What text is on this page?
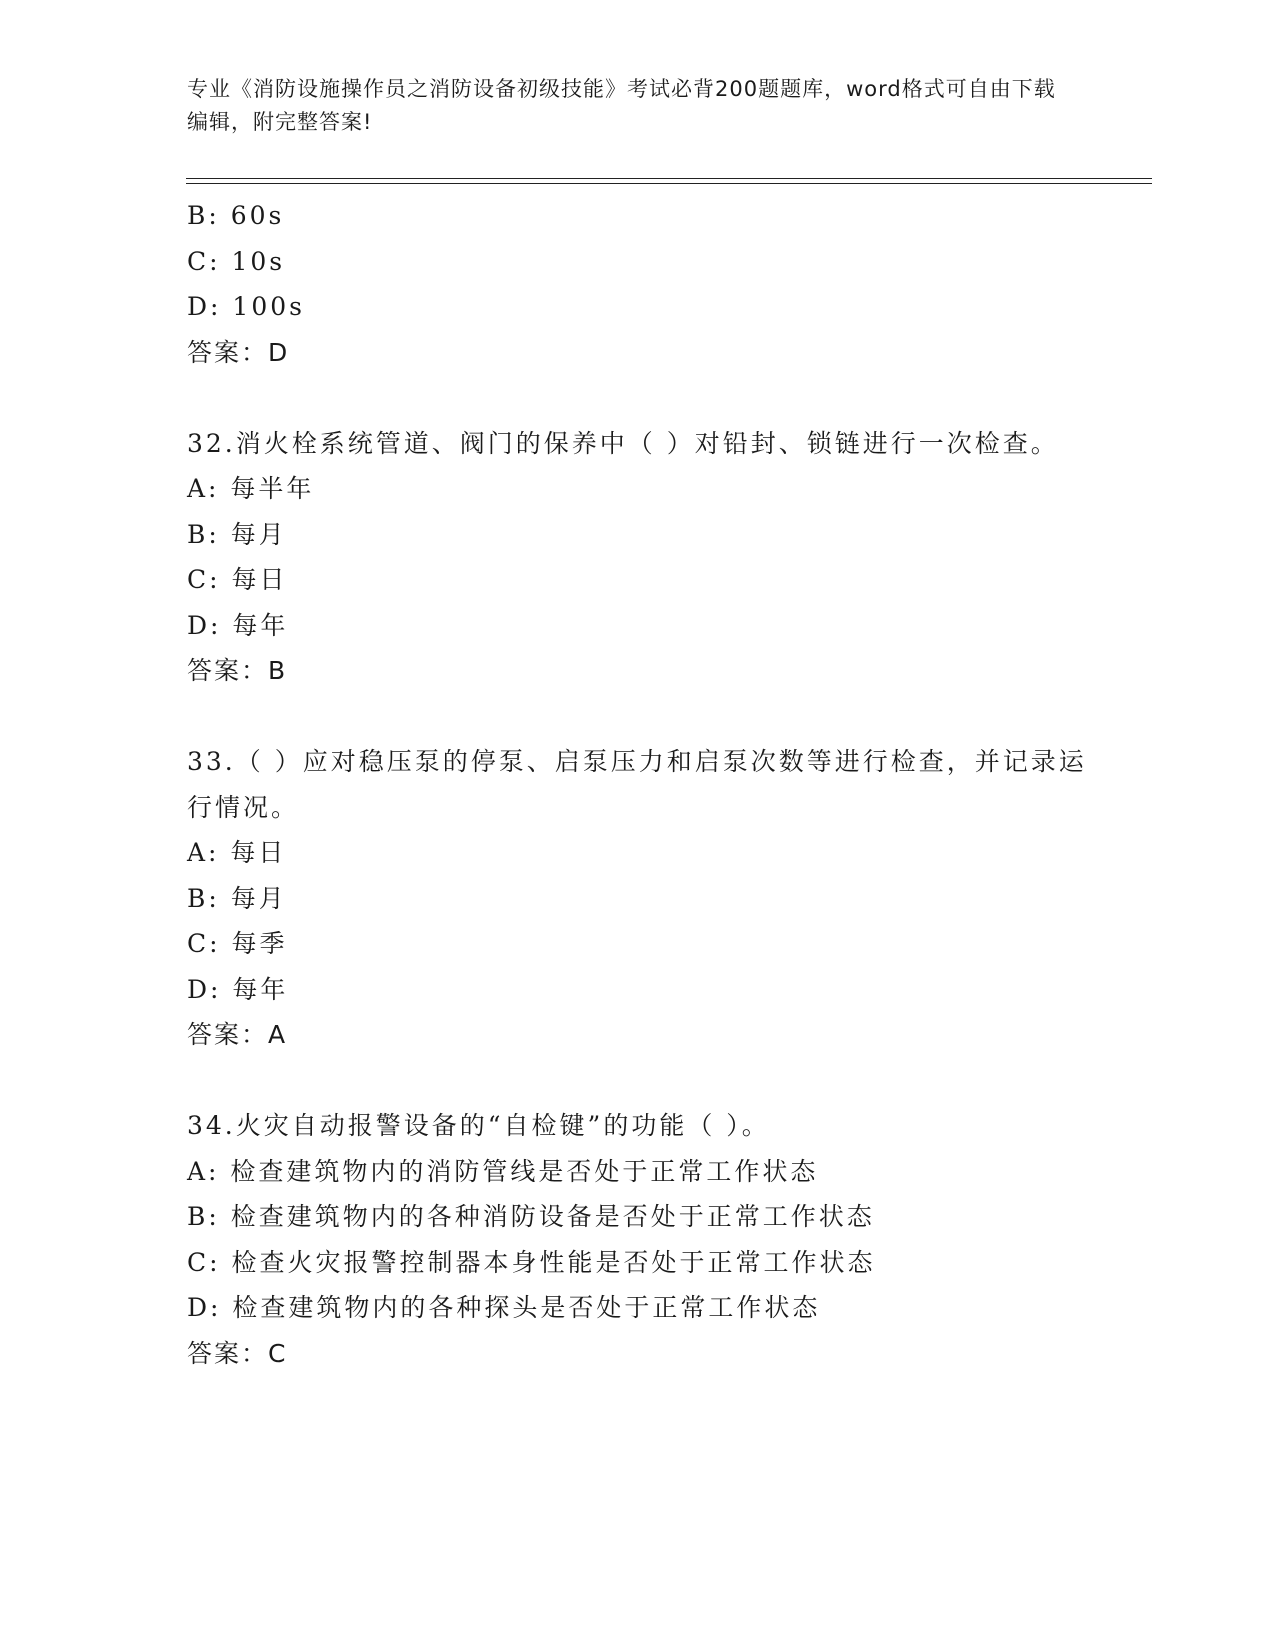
专业《消防设施操作员之消防设备初级技能》考试必背200题题库，word格式可自由下载编辑，附完整答案!
B: 60s
C: 10s
D: 100s
答案：D
32.消火栓系统管道、阀门的保养中（ ）对铅封、锁链进行一次检查。
A: 每半年
B: 每月
C: 每日
D: 每年
答案：B
33.（ ）应对稳压泵的停泵、启泵压力和启泵次数等进行检查，并记录运行情况。
A: 每日
B: 每月
C: 每季
D: 每年
答案：A
34.火灾自动报警设备的“自检键”的功能（ ）。
A: 检查建筑物内的消防管线是否处于正常工作状态
B: 检查建筑物内的各种消防设备是否处于正常工作状态
C: 检查火灾报警控制器本身性能是否处于正常工作状态
D: 检查建筑物内的各种探头是否处于正常工作状态
答案：C
